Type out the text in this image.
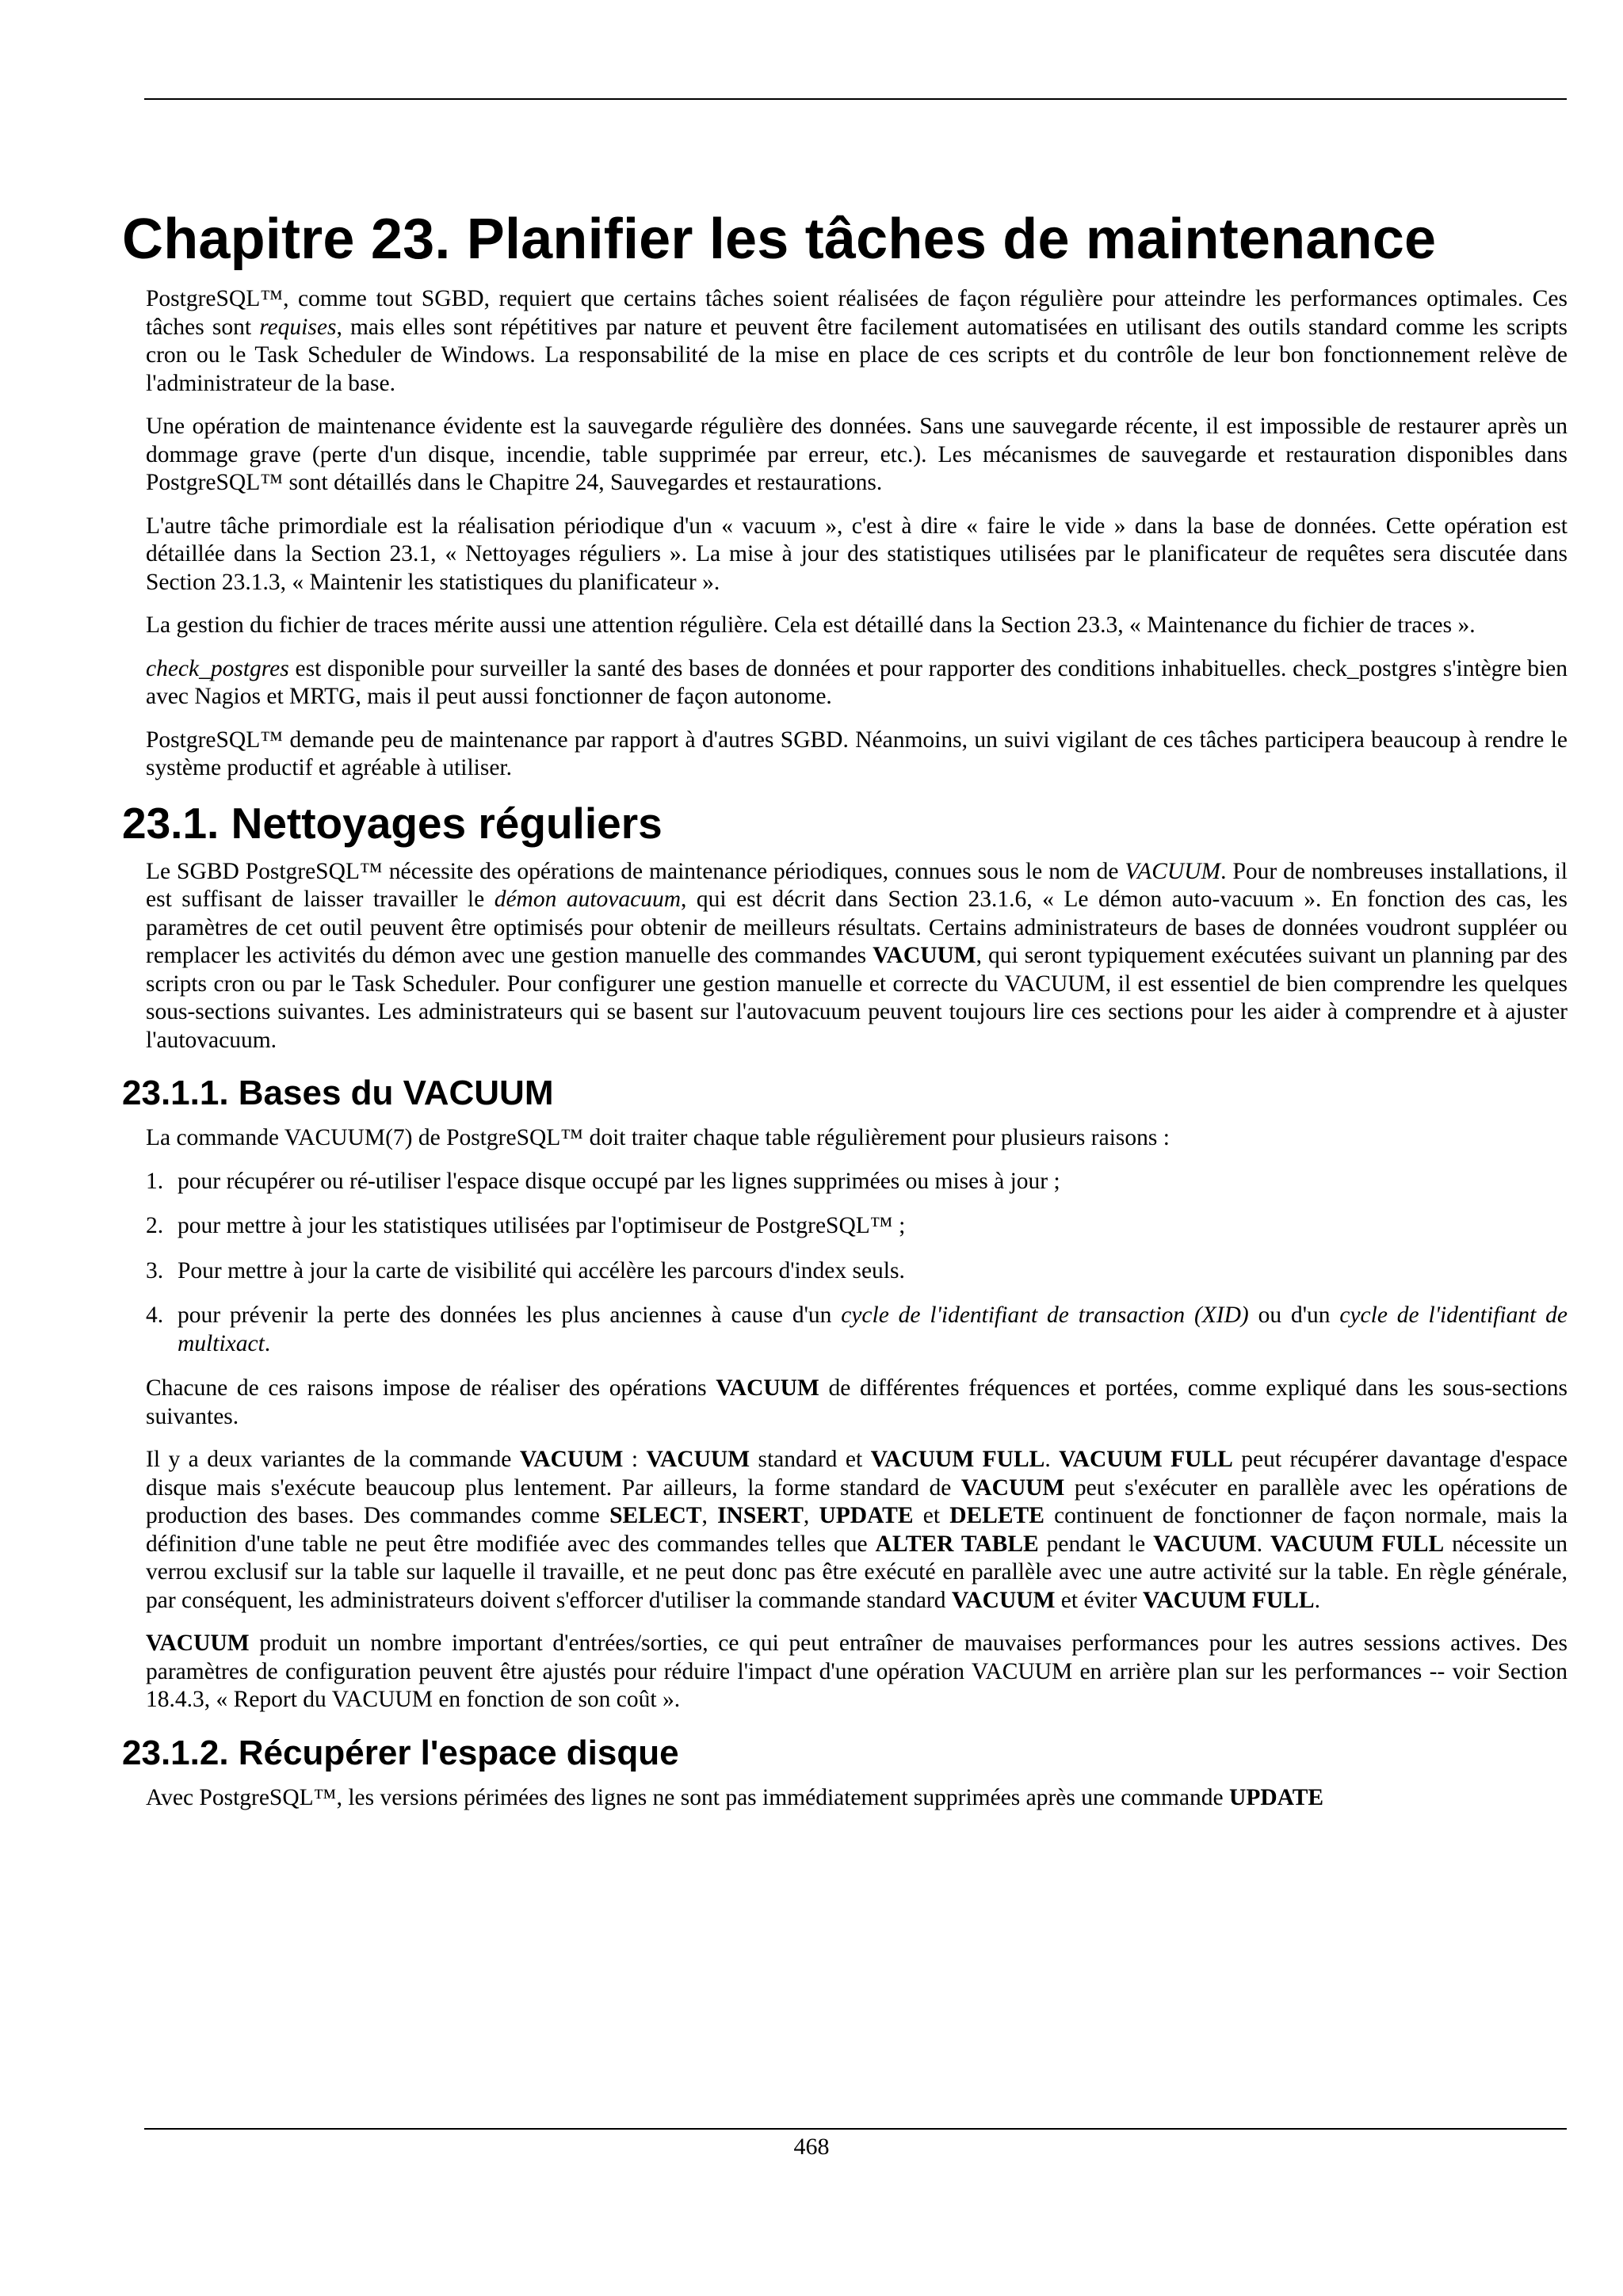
Chapitre 23. Planifier les tâches de maintenance

PostgreSQL™, comme tout SGBD, requiert que certains tâches soient réalisées de façon régulière pour atteindre les performances optimales. Ces tâches sont requises, mais elles sont répétitives par nature et peuvent être facilement automatisées en utilisant des outils standard comme les scripts cron ou le Task Scheduler de Windows. La responsabilité de la mise en place de ces scripts et du contrôle de leur bon fonctionnement relève de l'administrateur de la base.

Une opération de maintenance évidente est la sauvegarde régulière des données. Sans une sauvegarde récente, il est impossible de restaurer après un dommage grave (perte d'un disque, incendie, table supprimée par erreur, etc.). Les mécanismes de sauvegarde et restauration disponibles dans PostgreSQL™ sont détaillés dans le Chapitre 24, Sauvegardes et restaurations.

L'autre tâche primordiale est la réalisation périodique d'un « vacuum », c'est à dire « faire le vide » dans la base de données. Cette opération est détaillée dans la Section 23.1, « Nettoyages réguliers ». La mise à jour des statistiques utilisées par le planificateur de requêtes sera discutée dans Section 23.1.3, « Maintenir les statistiques du planificateur ».

La gestion du fichier de traces mérite aussi une attention régulière. Cela est détaillé dans la Section 23.3, « Maintenance du fichier de traces ».

check_postgres est disponible pour surveiller la santé des bases de données et pour rapporter des conditions inhabituelles. check_postgres s'intègre bien avec Nagios et MRTG, mais il peut aussi fonctionner de façon autonome.

PostgreSQL™ demande peu de maintenance par rapport à d'autres SGBD. Néanmoins, un suivi vigilant de ces tâches participera beaucoup à rendre le système productif et agréable à utiliser.

23.1. Nettoyages réguliers

Le SGBD PostgreSQL™ nécessite des opérations de maintenance périodiques, connues sous le nom de VACUUM. Pour de nombreuses installations, il est suffisant de laisser travailler le démon autovacuum, qui est décrit dans Section 23.1.6, « Le démon auto-vacuum ». En fonction des cas, les paramètres de cet outil peuvent être optimisés pour obtenir de meilleurs résultats. Certains administrateurs de bases de données voudront suppléer ou remplacer les activités du démon avec une gestion manuelle des commandes VACUUM, qui seront typiquement exécutées suivant un planning par des scripts cron ou par le Task Scheduler. Pour configurer une gestion manuelle et correcte du VACUUM, il est essentiel de bien comprendre les quelques sous-sections suivantes. Les administrateurs qui se basent sur l'autovacuum peuvent toujours lire ces sections pour les aider à comprendre et à ajuster l'autovacuum.

23.1.1. Bases du VACUUM

La commande VACUUM(7) de PostgreSQL™ doit traiter chaque table régulièrement pour plusieurs raisons :

1. pour récupérer ou ré-utiliser l'espace disque occupé par les lignes supprimées ou mises à jour ;
2. pour mettre à jour les statistiques utilisées par l'optimiseur de PostgreSQL™ ;
3. Pour mettre à jour la carte de visibilité qui accélère les parcours d'index seuls.
4. pour prévenir la perte des données les plus anciennes à cause d'un cycle de l'identifiant de transaction (XID) ou d'un cycle de l'identifiant de multixact.

Chacune de ces raisons impose de réaliser des opérations VACUUM de différentes fréquences et portées, comme expliqué dans les sous-sections suivantes.

Il y a deux variantes de la commande VACUUM : VACUUM standard et VACUUM FULL. VACUUM FULL peut récupérer davantage d'espace disque mais s'exécute beaucoup plus lentement. Par ailleurs, la forme standard de VACUUM peut s'exécuter en parallèle avec les opérations de production des bases. Des commandes comme SELECT, INSERT, UPDATE et DELETE continuent de fonctionner de façon normale, mais la définition d'une table ne peut être modifiée avec des commandes telles que ALTER TABLE pendant le VACUUM. VACUUM FULL nécessite un verrou exclusif sur la table sur laquelle il travaille, et ne peut donc pas être exécuté en parallèle avec une autre activité sur la table. En règle générale, par conséquent, les administrateurs doivent s'efforcer d'utiliser la commande standard VACUUM et éviter VACUUM FULL.

VACUUM produit un nombre important d'entrées/sorties, ce qui peut entraîner de mauvaises performances pour les autres sessions actives. Des paramètres de configuration peuvent être ajustés pour réduire l'impact d'une opération VACUUM en arrière plan sur les performances -- voir Section 18.4.3, « Report du VACUUM en fonction de son coût ».

23.1.2. Récupérer l'espace disque

Avec PostgreSQL™, les versions périmées des lignes ne sont pas immédiatement supprimées après une commande UPDATE

468
